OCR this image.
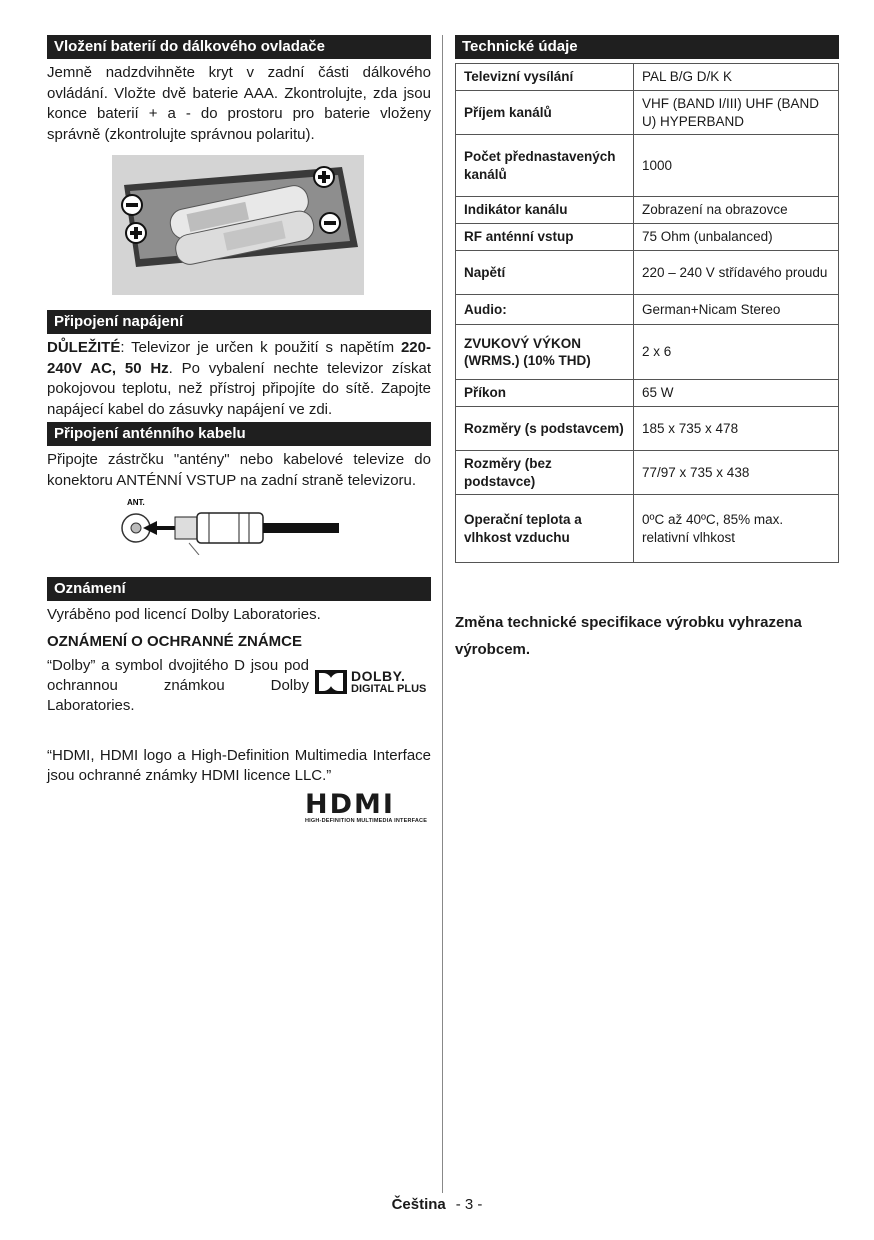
Vložení baterií do dálkového ovladače

Jemně nadzdvihněte kryt v zadní části dálkového ovládání. Vložte dvě baterie AAA. Zkontrolujte, zda jsou konce baterií + a - do prostoru pro baterie vloženy správně (zkontrolujte správnou polaritu).

Připojení napájení

DŮLEŽITÉ: Televizor je určen k použití s napětím 220-240V AC, 50 Hz. Po vybalení nechte televizor získat pokojovou teplotu, než přístroj připojíte do sítě. Zapojte napájecí kabel do zásuvky napájení ve zdi.

Připojení anténního kabelu

Připojte zástrčku "antény" nebo kabelové televize do konektoru ANTÉNNÍ VSTUP na zadní straně televizoru.

ANT.
Oznámení

Vyráběno pod licencí Dolby Laboratories.

OZNÁMENÍ O OCHRANNÉ ZNÁMCE
“Dolby” a symbol dvojitého D jsou pod ochrannou známkou Dolby Laboratories.
DOLBY.
DIGITAL PLUS

“HDMI, HDMI logo a High-Definition Multimedia Interface jsou ochranné známky HDMI licence LLC.”

HDMI
HIGH-DEFINITION MULTIMEDIA INTERFACE
Technické údaje
Televizní vysílání	PAL B/G D/K K
Příjem kanálů	VHF (BAND I/III) UHF (BAND U) HYPERBAND
Počet přednastavených kanálů	1000
Indikátor kanálu	Zobrazení na obrazovce
RF anténní vstup	75 Ohm (unbalanced)
Napětí	220 – 240 V střídavého proudu
Audio:	German+Nicam Stereo
ZVUKOVÝ VÝKON (WRMS.) (10% THD)	2 x 6
Příkon	65 W
Rozměry (s podstavcem)	185 x 735 x 478
Rozměry (bez podstavce)	77/97 x 735 x 438
Operační teplota a vlhkost vzduchu	0ºC až 40ºC, 85% max. relativní vlhkost
Změna technické specifikace výrobku vyhrazena výrobcem.
Čeština - 3 -
